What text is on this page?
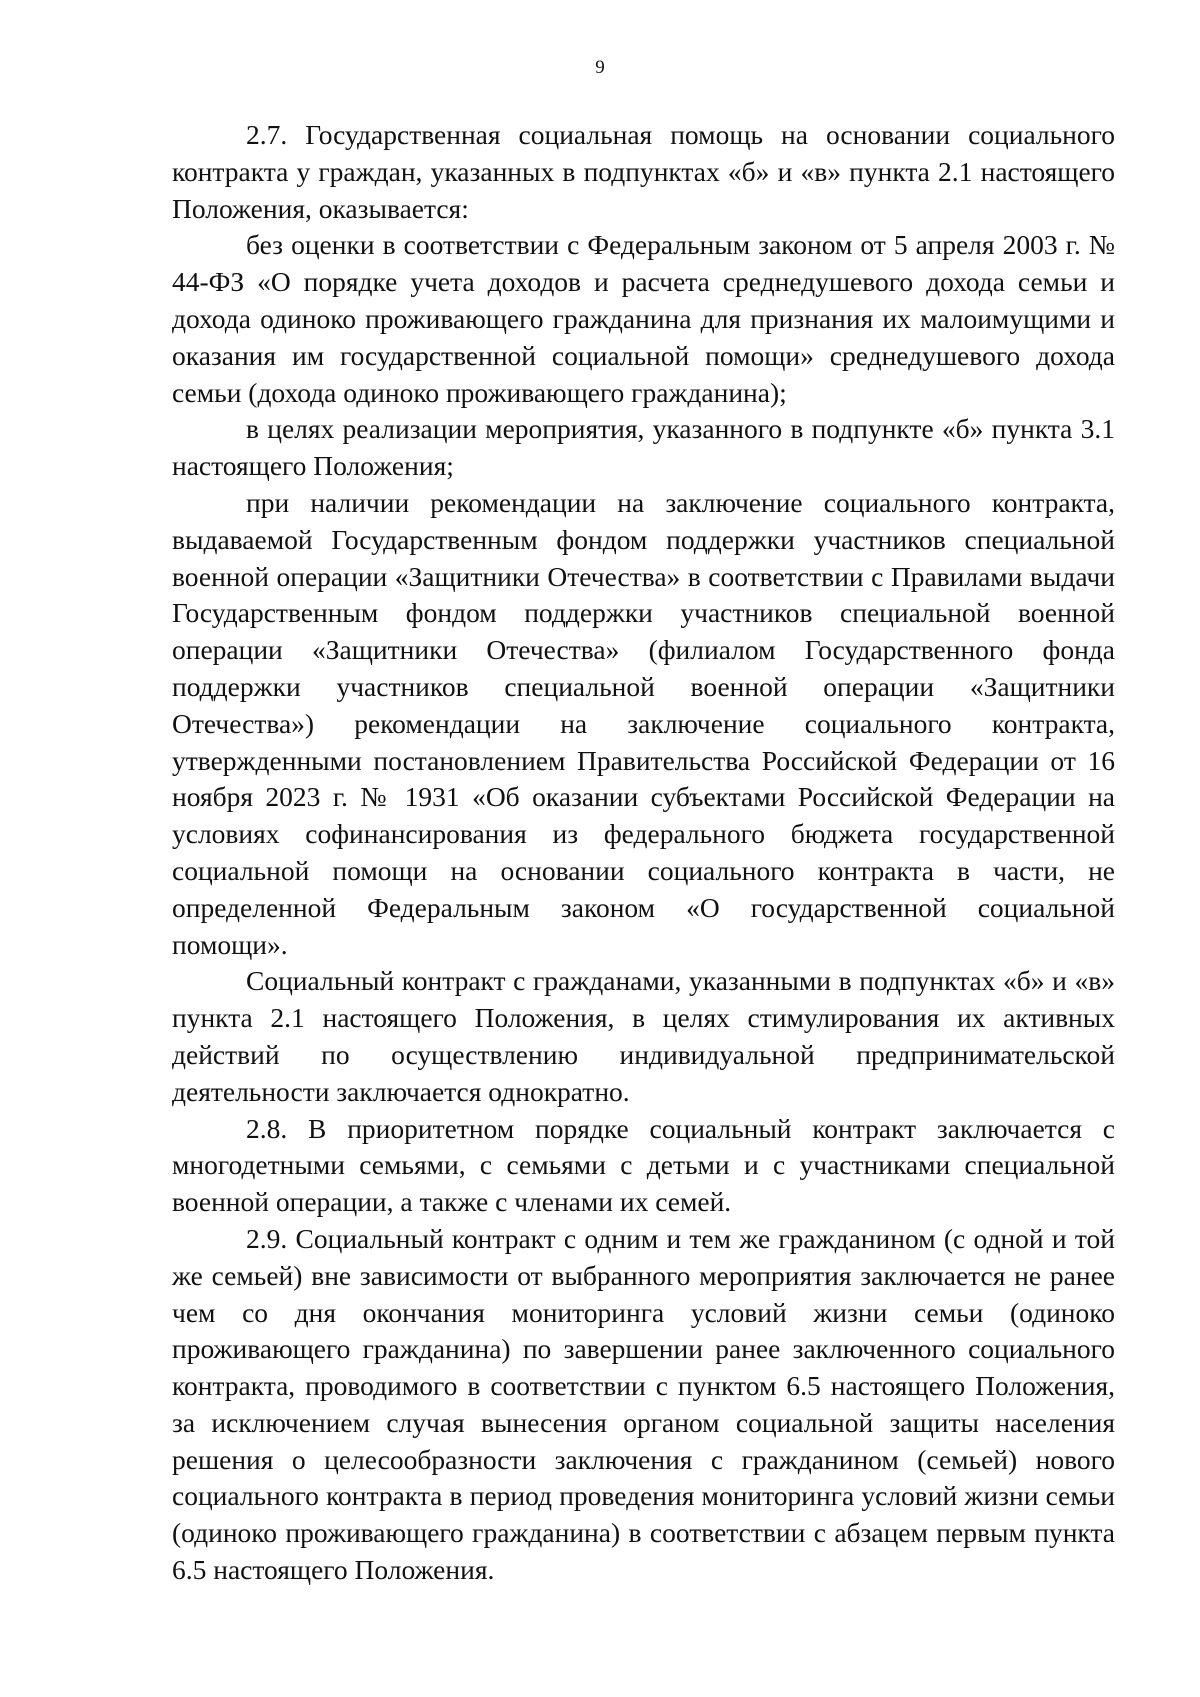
9

2.7. Государственная социальная помощь на основании социального контракта у граждан, указанных в подпунктах «б» и «в» пункта 2.1 настоящего Положения, оказывается:

без оценки в соответствии с Федеральным законом от 5 апреля 2003 г. № 44-ФЗ «О порядке учета доходов и расчета среднедушевого дохода семьи и дохода одиноко проживающего гражданина для признания их малоимущими и оказания им государственной социальной помощи» среднедушевого дохода семьи (дохода одиноко проживающего гражданина);

в целях реализации мероприятия, указанного в подпункте «б» пункта 3.1 настоящего Положения;

при наличии рекомендации на заключение социального контракта, выдаваемой Государственным фондом поддержки участников специальной военной операции «Защитники Отечества» в соответствии с Правилами выдачи Государственным фондом поддержки участников специальной военной операции «Защитники Отечества» (филиалом Государственного фонда поддержки участников специальной военной операции «Защитники Отечества») рекомендации на заключение социального контракта, утвержденными постановлением Правительства Российской Федерации от 16 ноября 2023 г. № 1931 «Об оказании субъектами Российской Федерации на условиях софинансирования из федерального бюджета государственной социальной помощи на основании социального контракта в части, не определенной Федеральным законом «О государственной социальной помощи».

Социальный контракт с гражданами, указанными в подпунктах «б» и «в» пункта 2.1 настоящего Положения, в целях стимулирования их активных действий по осуществлению индивидуальной предпринимательской деятельности заключается однократно.

2.8. В приоритетном порядке социальный контракт заключается с многодетными семьями, с семьями с детьми и с участниками специальной военной операции, а также с членами их семей.

2.9. Социальный контракт с одним и тем же гражданином (с одной и той же семьей) вне зависимости от выбранного мероприятия заключается не ранее чем со дня окончания мониторинга условий жизни семьи (одиноко проживающего гражданина) по завершении ранее заключенного социального контракта, проводимого в соответствии с пунктом 6.5 настоящего Положения, за исключением случая вынесения органом социальной защиты населения решения о целесообразности заключения с гражданином (семьей) нового социального контракта в период проведения мониторинга условий жизни семьи (одиноко проживающего гражданина) в соответствии с абзацем первым пункта 6.5 настоящего Положения.
